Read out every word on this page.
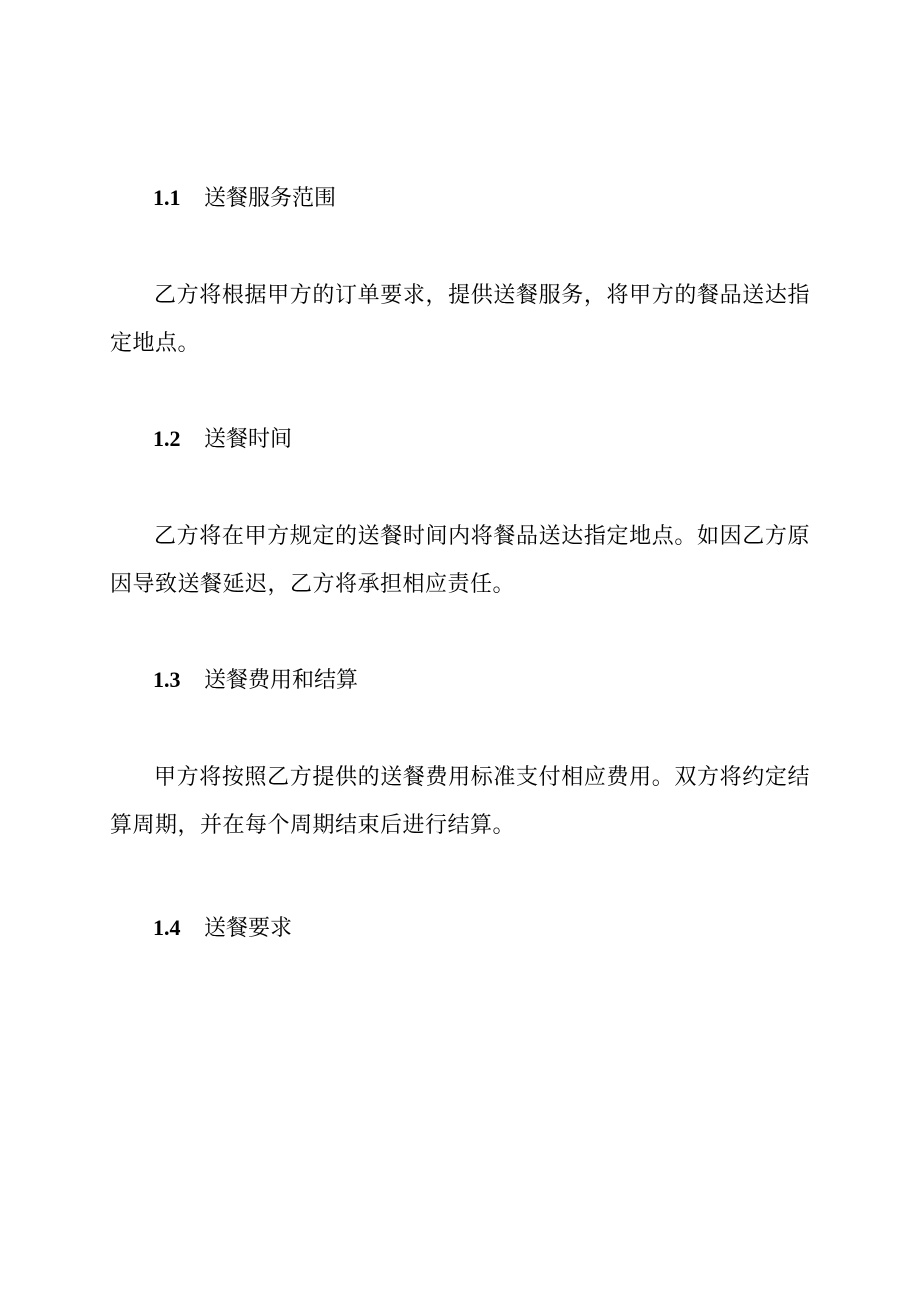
1.1 送餐服务范围

乙方将根据甲方的订单要求，提供送餐服务，将甲方的餐品送达指定地点。

1.2 送餐时间

乙方将在甲方规定的送餐时间内将餐品送达指定地点。如因乙方原因导致送餐延迟，乙方将承担相应责任。

1.3 送餐费用和结算

甲方将按照乙方提供的送餐费用标准支付相应费用。双方将约定结算周期，并在每个周期结束后进行结算。

1.4 送餐要求
